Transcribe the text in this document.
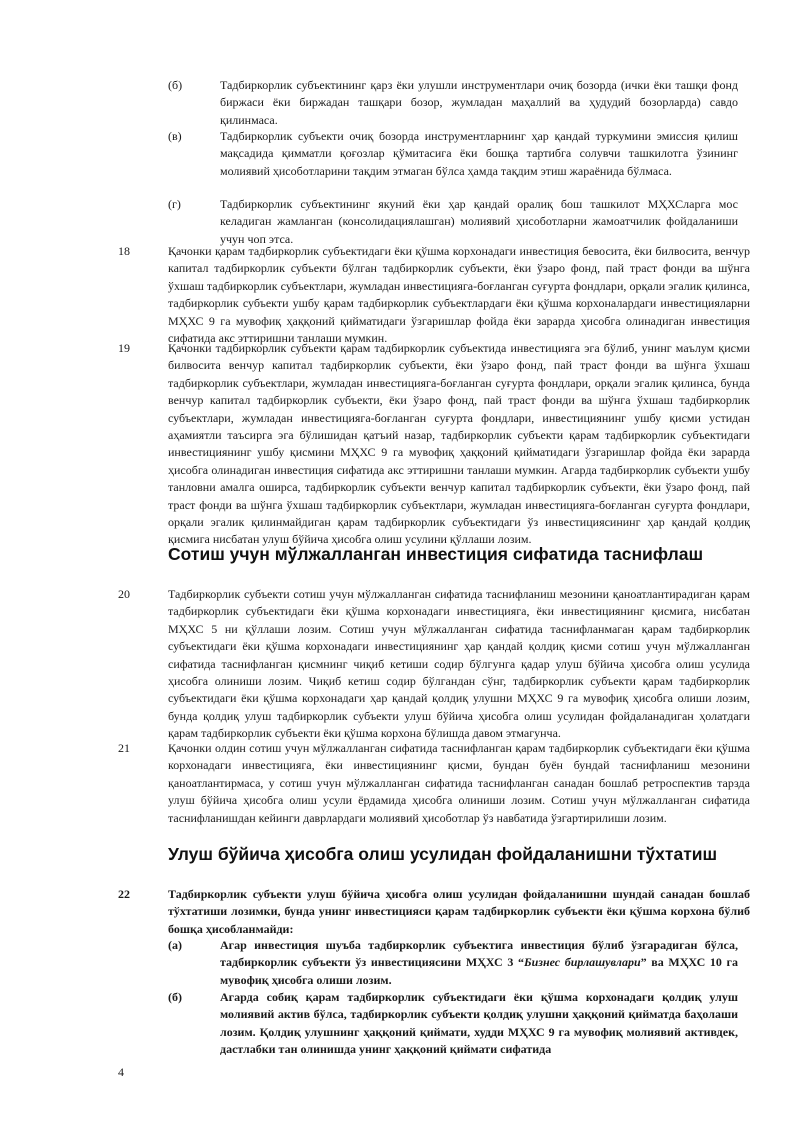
(б)	Тадбиркорлик субъектининг қарз ёки улушли инструментлари очиқ бозорда (ички ёки ташқи фонд биржаси ёки биржадан ташқари бозор, жумладан маҳаллий ва ҳудудий бозорларда) савдо қилинмаса.
(в)	Тадбиркорлик субъекти очиқ бозорда инструментларнинг ҳар қандай туркумини эмиссия қилиш мақсадида қимматли қоғозлар қўмитасига ёки бошқа тартибга солувчи ташкилотга ўзининг молиявий ҳисоботларини тақдим этмаган бўлса ҳамда тақдим этиш жараёнида бўлмаса.
(г)	Тадбиркорлик субъектининг якуний ёки ҳар қандай оралиқ бош ташкилот МҲХСларга мос келадиган жамланган (консолидациялашган) молиявий ҳисоботларни жамоатчилик фойдаланиши учун чоп этса.
18	Қачонки қарам тадбиркорлик субъектидаги ёки қўшма корхонадаги инвестиция бевосита, ёки билвосита, венчур капитал тадбиркорлик субъекти бўлган тадбиркорлик субъекти, ёки ўзаро фонд, пай траст фонди ва шўнга ўхшаш тадбиркорлик субъектлари, жумладан инвестицияга-боғланган суғурта фондлари, орқали эгалик қилинса, тадбиркорлик субъекти ушбу қарам тадбиркорлик субъектлардаги ёки қўшма корхоналардаги инвестицияларни МҲХС 9 га мувофиқ ҳаққоний қийматидаги ўзгаришлар фойда ёки зарарда ҳисобга олинадиган инвестиция сифатида акс эттиришни танлаши мумкин.
19	Қачонки тадбиркорлик субъекти қарам тадбиркорлик субъектида инвестицияга эга бўлиб, унинг маълум қисми билвосита венчур капитал тадбиркорлик субъекти, ёки ўзаро фонд, пай траст фонди ва шўнга ўхшаш тадбиркорлик субъектлари, жумладан инвестицияга-боғланган суғурта фондлари, орқали эгалик қилинса, бунда венчур капитал тадбиркорлик субъекти, ёки ўзаро фонд, пай траст фонди ва шўнга ўхшаш тадбиркорлик субъектлари, жумладан инвестицияга-боғланган суғурта фондлари, инвестициянинг ушбу қисми устидан аҳамиятли таъсирга эга бўлишидан қатъий назар, тадбиркорлик субъекти қарам тадбиркорлик субъектидаги инвестициянинг ушбу қисмини МҲХС 9 га мувофиқ ҳаққоний қийматидаги ўзгаришлар фойда ёки зарарда ҳисобга олинадиган инвестиция сифатида акс эттиришни танлаши мумкин. Агарда тадбиркорлик субъекти ушбу танловни амалга оширса, тадбиркорлик субъекти венчур капитал тадбиркорлик субъекти, ёки ўзаро фонд, пай траст фонди ва шўнга ўхшаш тадбиркорлик субъектлари, жумладан инвестицияга-боғланган суғурта фондлари, орқали эгалик қилинмайдиган қарам тадбиркорлик субъектидаги ўз инвестициясининг ҳар қандай қолдиқ қисмига нисбатан улуш бўйича ҳисобга олиш усулини қўллаши лозим.
Сотиш учун мўлжалланган инвестиция сифатида таснифлаш
20	Тадбиркорлик субъекти сотиш учун мўлжалланган сифатида таснифланиш мезонини қаноатлантирадиган қарам тадбиркорлик субъектидаги ёки қўшма корхонадаги инвестицияга, ёки инвестициянинг қисмига, нисбатан МҲХС 5 ни қўллаши лозим. Сотиш учун мўлжалланган сифатида таснифланмаган қарам тадбиркорлик субъектидаги ёки қўшма корхонадаги инвестициянинг ҳар қандай қолдиқ қисми сотиш учун мўлжалланган сифатида таснифланган қисмнинг чиқиб кетиши содир бўлгунга қадар улуш бўйича ҳисобга олиш усулида ҳисобга олиниши лозим. Чиқиб кетиш содир бўлгандан сўнг, тадбиркорлик субъекти қарам тадбиркорлик субъектидаги ёки қўшма корхонадаги ҳар қандай қолдиқ улушни МҲХС 9 га мувофиқ ҳисобга олиши лозим, бунда қолдиқ улуш тадбиркорлик субъекти улуш бўйича ҳисобга олиш усулидан фойдаланадиган ҳолатдаги қарам тадбиркорлик субъекти ёки қўшма корхона бўлишда давом этмагунча.
21	Қачонки олдин сотиш учун мўлжалланган сифатида таснифланган қарам тадбиркорлик субъектидаги ёки қўшма корхонадаги инвестицияга, ёки инвестициянинг қисми, бундан буён бундай таснифланиш мезонини қаноатлантирмаса, у сотиш учун мўлжалланган сифатида таснифланган санадан бошлаб ретроспектив тарзда улуш бўйича ҳисобга олиш усули ёрдамида ҳисобга олиниши лозим. Сотиш учун мўлжалланган сифатида таснифланишдан кейинги даврлардаги молиявий ҳисоботлар ўз навбатида ўзгартирилиши лозим.
Улуш бўйича ҳисобга олиш усулидан фойдаланишни тўхтатиш
22	Тадбиркорлик субъекти улуш бўйича ҳисобга олиш усулидан фойдаланишни шундай санадан бошлаб тўхтатиши лозимки, бунда унинг инвестицияси қарам тадбиркорлик субъекти ёки қўшма корхона бўлиб бошқа ҳисобланмайди:
(а)	Агар инвестиция шуъба тадбиркорлик субъектига инвестиция бўлиб ўзгарадиган бўлса, тадбиркорлик субъекти ўз инвестициясини МҲХС 3 “Бизнес бирлашувлари” ва МҲХС 10 га мувофиқ ҳисобга олиши лозим.
(б)	Агарда собиқ қарам тадбиркорлик субъектидаги ёки қўшма корхонадаги қолдиқ улуш молиявий актив бўлса, тадбиркорлик субъекти қолдиқ улушни ҳаққоний қийматда баҳолаши лозим. Қолдиқ улушнинг ҳаққоний қиймати, худди МҲХС 9 га мувофиқ молиявий активдек, дастлабки тан олинишда унинг ҳаққоний қиймати сифатида
4
